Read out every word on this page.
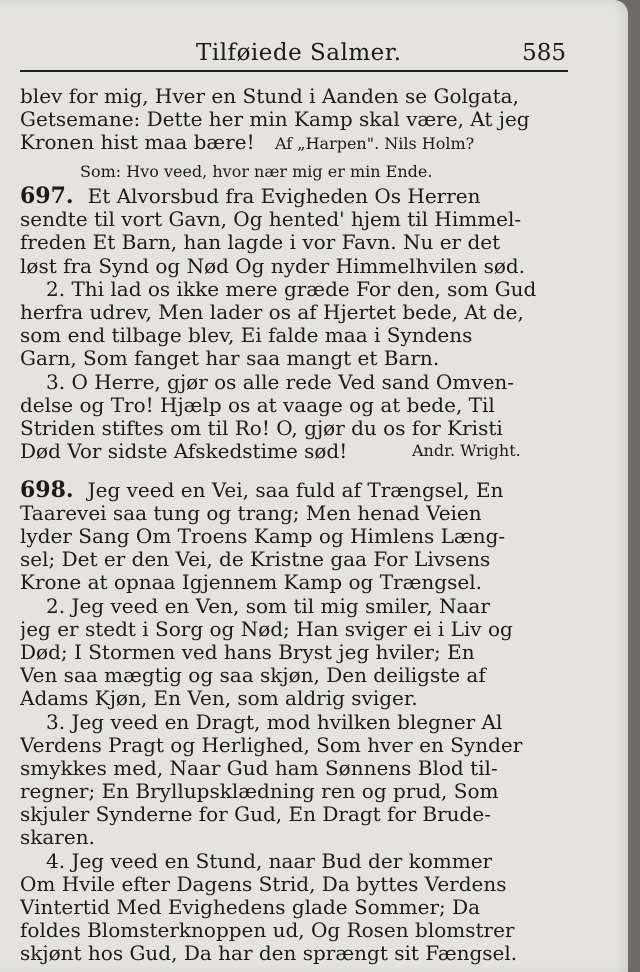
Tilføiede Salmer.	585
blev for mig, Hver en Stund i Aanden se Golgata,
Getsemane: Dette her min Kamp skal være, At jeg
Kronen hist maa bære! Af „Harpen". Nils Holm?
Som: Hvo veed, hvor nær mig er min Ende.
697. Et Alvorsbud fra Evigheden Os Herren
sendte til vort Gavn, Og hented' hjem til Himmel-
freden Et Barn, han lagde i vor Favn. Nu er det
løst fra Synd og Nød Og nyder Himmelhvilen sød.
2. Thi lad os ikke mere græde For den, som Gud
herfra udrev, Men lader os af Hjertet bede, At de,
som end tilbage blev, Ei falde maa i Syndens
Garn, Som fanget har saa mangt et Barn.
3. O Herre, gjør os alle rede Ved sand Omven-
delse og Tro! Hjælp os at vaage og at bede, Til
Striden stiftes om til Ro! O, gjør du os for Kristi
Død Vor sidste Afskedstime sød!	Andr. Wright.
698. Jeg veed en Vei, saa fuld af Trængsel, En
Taarevei saa tung og trang; Men henad Veien
lyder Sang Om Troens Kamp og Himlens Læng-
sel; Det er den Vei, de Kristne gaa For Livsens
Krone at opnaa Igjennem Kamp og Trængsel.
2. Jeg veed en Ven, som til mig smiler, Naar
jeg er stedt i Sorg og Nød; Han sviger ei i Liv og
Død; I Stormen ved hans Bryst jeg hviler; En
Ven saa mægtig og saa skjøn, Den deiligste af
Adams Kjøn, En Ven, som aldrig sviger.
3. Jeg veed en Dragt, mod hvilken blegner Al
Verdens Pragt og Herlighed, Som hver en Synder
smykkes med, Naar Gud ham Sønnens Blod til-
regner; En Bryllupsklædning ren og prud, Som
skjuler Synderne for Gud, En Dragt for Brude-
skaren.
4. Jeg veed en Stund, naar Bud der kommer
Om Hvile efter Dagens Strid, Da byttes Verdens
Vintertid Med Evighedens glade Sommer; Da
foldes Blomsterknoppen ud, Og Rosen blomstrer
skjønt hos Gud, Da har den sprængt sit Fængsel.
